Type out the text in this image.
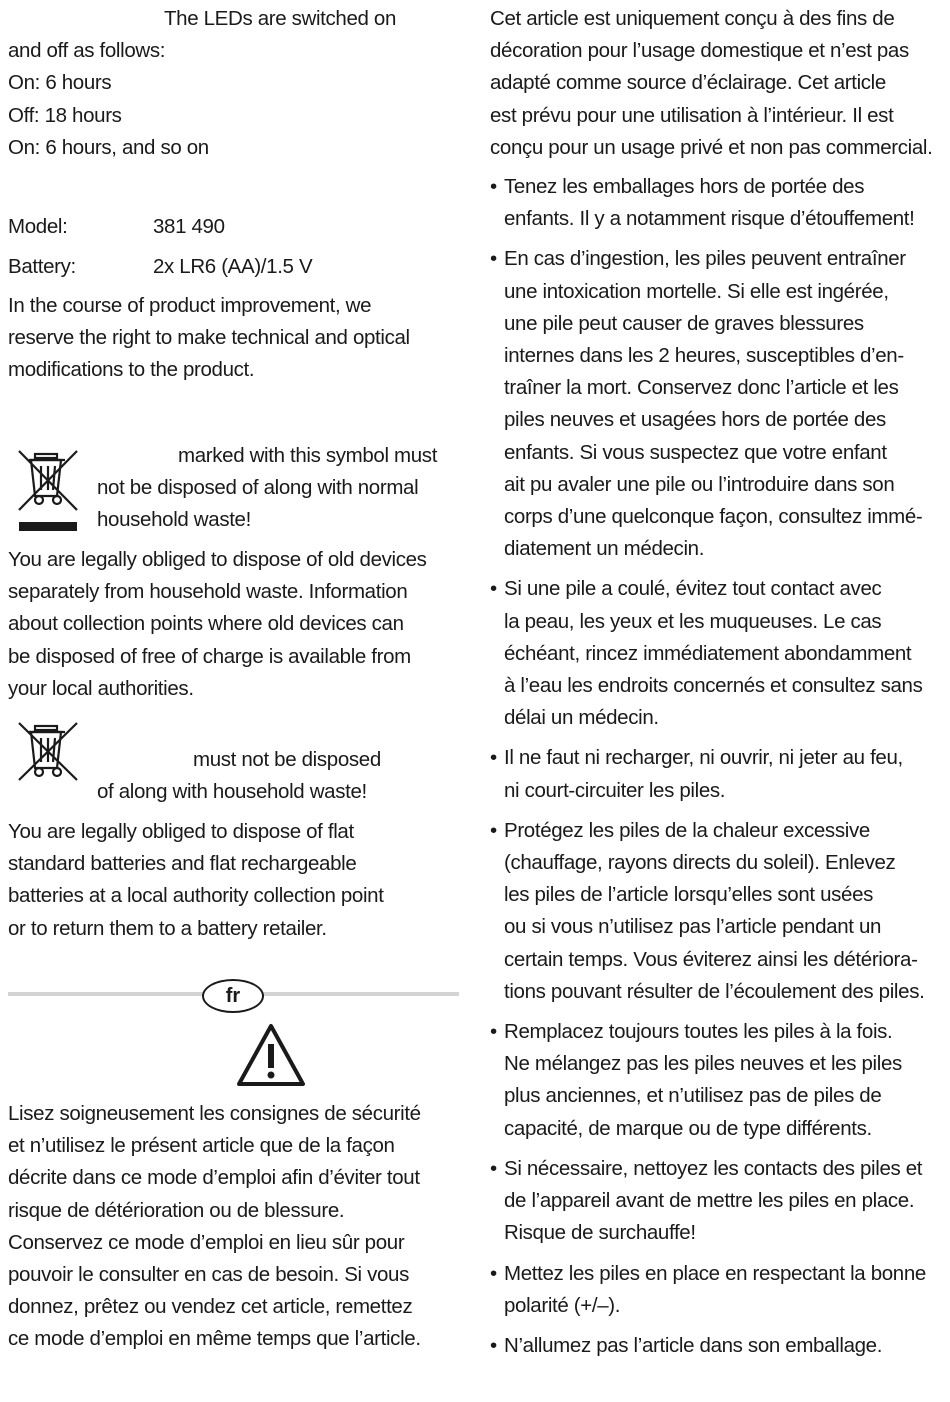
The LEDs are switched on

and off as follows:

On: 6 hours

Off: 18 hours

On: 6 hours, and so on

Model:	381 490
Battery:	2x LR6 (AA)/1.5 V

In the course of product improvement, we

reserve the right to make technical and optical

modifications to the product.

marked with this symbol must

not be disposed of along with normal

household waste!

You are legally obliged to dispose of old devices

separately from household waste. Information

about collection points where old devices can

be disposed of free of charge is available from

your local authorities.

must not be disposed

of along with household waste!

You are legally obliged to dispose of flat

standard batteries and flat rechargeable

batteries at a local authority collection point

or to return them to a battery retailer.

fr

Lisez soigneusement les consignes de sécurité

et n’utilisez le présent article que de la façon

décrite dans ce mode d’emploi afin d’éviter tout

risque de détérioration ou de blessure.

Conservez ce mode d’emploi en lieu sûr pour

pouvoir le consulter en cas de besoin. Si vous

donnez, prêtez ou vendez cet article, remettez

ce mode d’emploi en même temps que l’article.

Cet article est uniquement conçu à des fins de

décoration pour l’usage domestique et n’est pas

adapté comme source d’éclairage. Cet article

est prévu pour une utilisation à l’intérieur. Il est

conçu pour un usage privé et non pas commercial.

• Tenez les emballages hors de portée des
enfants. Il y a notamment risque d’étouffement!
• En cas d’ingestion, les piles peuvent entraîner
une intoxication mortelle. Si elle est ingérée,
une pile peut causer de graves blessures
internes dans les 2 heures, susceptibles d’en-
traîner la mort. Conservez donc l’article et les
piles neuves et usagées hors de portée des
enfants. Si vous suspectez que votre enfant
ait pu avaler une pile ou l’introduire dans son
corps d’une quelconque façon, consultez immé-
diatement un médecin.
• Si une pile a coulé, évitez tout contact avec
la peau, les yeux et les muqueuses. Le cas
échéant, rincez immédiatement abondamment
à l’eau les endroits concernés et consultez sans
délai un médecin.
• Il ne faut ni recharger, ni ouvrir, ni jeter au feu,
ni court-circuiter les piles.
• Protégez les piles de la chaleur excessive
(chauffage, rayons directs du soleil). Enlevez
les piles de l’article lorsqu’elles sont usées
ou si vous n’utilisez pas l’article pendant un
certain temps. Vous éviterez ainsi les détériora-
tions pouvant résulter de l’écoulement des piles.
• Remplacez toujours toutes les piles à la fois.
Ne mélangez pas les piles neuves et les piles
plus anciennes, et n’utilisez pas de piles de
capacité, de marque ou de type différents.
• Si nécessaire, nettoyez les contacts des piles et
de l’appareil avant de mettre les piles en place.
Risque de surchauffe!
• Mettez les piles en place en respectant la bonne
polarité (+/–).
• N’allumez pas l’article dans son emballage.
